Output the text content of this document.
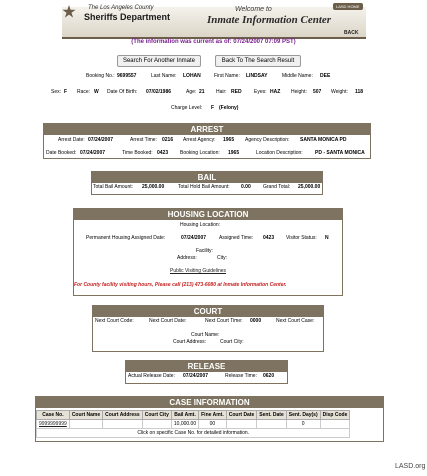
The Los Angeles County
Sheriffs Department
Welcome to
Inmate Information Center
LASD HOME
BACK
(The information was current as of: 07/24/2007 07:09 PST)
Search For Another Inmate	Back To The Search Result
Booking No.: 9699557	Last Name: LOHAN	First Name: LINDSAY	Middle Name: DEE
Sex: F Race: W Date Of Birth: 07/02/1986	Age: 21 Hair: RED Eyes: HAZ Height: 507 Weight: 118
Charge Level: F (Felony)
ARREST
Arrest Date: 07/24/2007	Arrest Time: 0216 Arrest Agency: 1965 Agency Description: SANTA MONICA PD
Date Booked: 07/24/2007	Time Booked: 0423 Booking Location: 1965	Location Description: PD - SANTA MONICA
BAIL
Total Bail Amount: 25,000.00	Total Hold Bail Amount: 0.00 Grand Total: 25,000.00
HOUSING LOCATION
Housing Location:
Permanent Housing Assigned Date:	07/24/2007	Assigned Time: 0423 Visitor Status: N
Facility:
Address:	City:
Public Visiting Guidelines
For County facility visiting hours, Please call (213) 473-6080 at Inmate Information Center.
COURT
Next Court Code:	Next Court Date:	Next Court Time: 0000	Next Court Case:
Court Name:
Court Address:	Court City:
RELEASE
Actual Release Date: 07/24/2007	Release Time: 0620
CASE INFORMATION
Case No.	Court Name	Court Address	Court City	Bail Amt.	Fine Amt.	Court Date	Sent. Date	Sent. Day(s)	Disp Code
9999999999				10,000.00	00			0	
Click on specific Case No. for detailed information.									
LASD.org
